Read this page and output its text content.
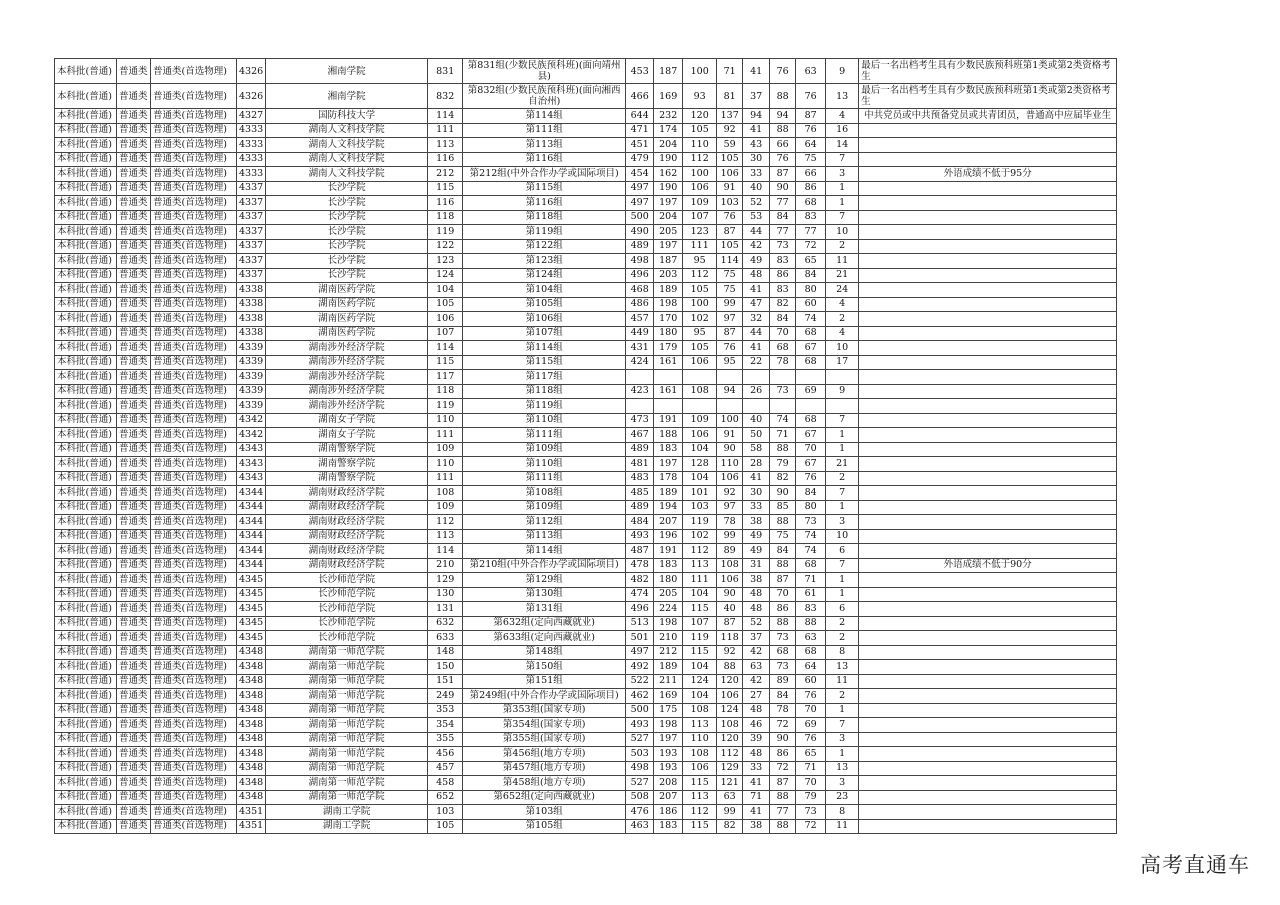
本科批(普通)	普通类	普通类(首选物理)	4326	湘南学院	831	第831组(少数民族预科班)(面向靖州县)	453	187	100	71	41	76	63	9	最后一名出档考生具有少数民族预科班第1类或第2类资格考生
本科批(普通)	普通类	普通类(首选物理)	4326	湘南学院	832	第832组(少数民族预科班)(面向湘西自治州)	466	169	93	81	37	88	76	13	最后一名出档考生具有少数民族预科班第1类或第2类资格考生
本科批(普通)	普通类	普通类(首选物理)	4327	国防科技大学	114	第114组	644	232	120	137	94	94	87	4	中共党员或中共预备党员或共青团员，普通高中应届毕业生
本科批(普通)	普通类	普通类(首选物理)	4333	湖南人文科技学院	111	第111组	471	174	105	92	41	88	76	16	
本科批(普通)	普通类	普通类(首选物理)	4333	湖南人文科技学院	113	第113组	451	204	110	59	43	66	64	14	
本科批(普通)	普通类	普通类(首选物理)	4333	湖南人文科技学院	116	第116组	479	190	112	105	30	76	75	7	
本科批(普通)	普通类	普通类(首选物理)	4333	湖南人文科技学院	212	第212组(中外合作办学或国际项目)	454	162	100	106	33	87	66	3	外语成绩不低于95分
本科批(普通)	普通类	普通类(首选物理)	4337	长沙学院	115	第115组	497	190	106	91	40	90	86	1	
本科批(普通)	普通类	普通类(首选物理)	4337	长沙学院	116	第116组	497	197	109	103	52	77	68	1	
本科批(普通)	普通类	普通类(首选物理)	4337	长沙学院	118	第118组	500	204	107	76	53	84	83	7	
本科批(普通)	普通类	普通类(首选物理)	4337	长沙学院	119	第119组	490	205	123	87	44	77	77	10	
本科批(普通)	普通类	普通类(首选物理)	4337	长沙学院	122	第122组	489	197	111	105	42	73	72	2	
本科批(普通)	普通类	普通类(首选物理)	4337	长沙学院	123	第123组	498	187	95	114	49	83	65	11	
本科批(普通)	普通类	普通类(首选物理)	4337	长沙学院	124	第124组	496	203	112	75	48	86	84	21	
本科批(普通)	普通类	普通类(首选物理)	4338	湖南医药学院	104	第104组	468	189	105	75	41	83	80	24	
本科批(普通)	普通类	普通类(首选物理)	4338	湖南医药学院	105	第105组	486	198	100	99	47	82	60	4	
本科批(普通)	普通类	普通类(首选物理)	4338	湖南医药学院	106	第106组	457	170	102	97	32	84	74	2	
本科批(普通)	普通类	普通类(首选物理)	4338	湖南医药学院	107	第107组	449	180	95	87	44	70	68	4	
本科批(普通)	普通类	普通类(首选物理)	4339	湖南涉外经济学院	114	第114组	431	179	105	76	41	68	67	10	
本科批(普通)	普通类	普通类(首选物理)	4339	湖南涉外经济学院	115	第115组	424	161	106	95	22	78	68	17	
本科批(普通)	普通类	普通类(首选物理)	4339	湖南涉外经济学院	117	第117组									
本科批(普通)	普通类	普通类(首选物理)	4339	湖南涉外经济学院	118	第118组	423	161	108	94	26	73	69	9	
本科批(普通)	普通类	普通类(首选物理)	4339	湖南涉外经济学院	119	第119组									
本科批(普通)	普通类	普通类(首选物理)	4342	湖南女子学院	110	第110组	473	191	109	100	40	74	68	7	
本科批(普通)	普通类	普通类(首选物理)	4342	湖南女子学院	111	第111组	467	188	106	91	50	71	67	1	
本科批(普通)	普通类	普通类(首选物理)	4343	湖南警察学院	109	第109组	489	183	104	90	58	88	70	1	
本科批(普通)	普通类	普通类(首选物理)	4343	湖南警察学院	110	第110组	481	197	128	110	28	79	67	21	
本科批(普通)	普通类	普通类(首选物理)	4343	湖南警察学院	111	第111组	483	178	104	106	41	82	76	2	
本科批(普通)	普通类	普通类(首选物理)	4344	湖南财政经济学院	108	第108组	485	189	101	92	30	90	84	7	
本科批(普通)	普通类	普通类(首选物理)	4344	湖南财政经济学院	109	第109组	489	194	103	97	33	85	80	1	
本科批(普通)	普通类	普通类(首选物理)	4344	湖南财政经济学院	112	第112组	484	207	119	78	38	88	73	3	
本科批(普通)	普通类	普通类(首选物理)	4344	湖南财政经济学院	113	第113组	493	196	102	99	49	75	74	10	
本科批(普通)	普通类	普通类(首选物理)	4344	湖南财政经济学院	114	第114组	487	191	112	89	49	84	74	6	
本科批(普通)	普通类	普通类(首选物理)	4344	湖南财政经济学院	210	第210组(中外合作办学或国际项目)	478	183	113	108	31	88	68	7	外语成绩不低于90分
本科批(普通)	普通类	普通类(首选物理)	4345	长沙师范学院	129	第129组	482	180	111	106	38	87	71	1	
本科批(普通)	普通类	普通类(首选物理)	4345	长沙师范学院	130	第130组	474	205	104	90	48	70	61	1	
本科批(普通)	普通类	普通类(首选物理)	4345	长沙师范学院	131	第131组	496	224	115	40	48	86	83	6	
本科批(普通)	普通类	普通类(首选物理)	4345	长沙师范学院	632	第632组(定向西藏就业)	513	198	107	87	52	88	88	2	
本科批(普通)	普通类	普通类(首选物理)	4345	长沙师范学院	633	第633组(定向西藏就业)	501	210	119	118	37	73	63	2	
本科批(普通)	普通类	普通类(首选物理)	4348	湖南第一师范学院	148	第148组	497	212	115	92	42	68	68	8	
本科批(普通)	普通类	普通类(首选物理)	4348	湖南第一师范学院	150	第150组	492	189	104	88	63	73	64	13	
本科批(普通)	普通类	普通类(首选物理)	4348	湖南第一师范学院	151	第151组	522	211	124	120	42	89	60	11	
本科批(普通)	普通类	普通类(首选物理)	4348	湖南第一师范学院	249	第249组(中外合作办学或国际项目)	462	169	104	106	27	84	76	2	
本科批(普通)	普通类	普通类(首选物理)	4348	湖南第一师范学院	353	第353组(国家专项)	500	175	108	124	48	78	70	1	
本科批(普通)	普通类	普通类(首选物理)	4348	湖南第一师范学院	354	第354组(国家专项)	493	198	113	108	46	72	69	7	
本科批(普通)	普通类	普通类(首选物理)	4348	湖南第一师范学院	355	第355组(国家专项)	527	197	110	120	39	90	76	3	
本科批(普通)	普通类	普通类(首选物理)	4348	湖南第一师范学院	456	第456组(地方专项)	503	193	108	112	48	86	65	1	
本科批(普通)	普通类	普通类(首选物理)	4348	湖南第一师范学院	457	第457组(地方专项)	498	193	106	129	33	72	71	13	
本科批(普通)	普通类	普通类(首选物理)	4348	湖南第一师范学院	458	第458组(地方专项)	527	208	115	121	41	87	70	3	
本科批(普通)	普通类	普通类(首选物理)	4348	湖南第一师范学院	652	第652组(定向西藏就业)	508	207	113	63	71	88	79	23	
本科批(普通)	普通类	普通类(首选物理)	4351	湖南工学院	103	第103组	476	186	112	99	41	77	73	8	
本科批(普通)	普通类	普通类(首选物理)	4351	湖南工学院	105	第105组	463	183	115	82	38	88	72	11	
高考直通车
